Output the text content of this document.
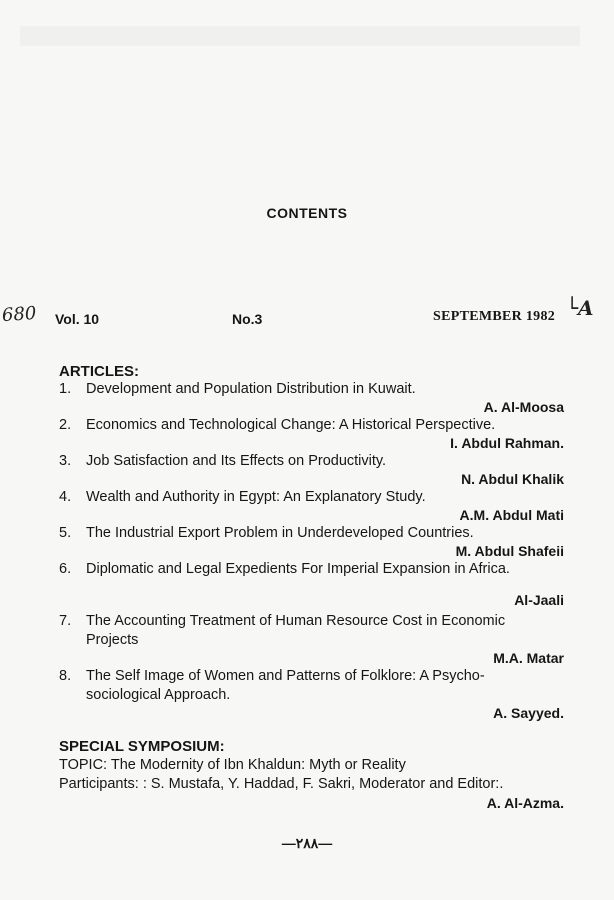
CONTENTS
680 Vol. 10	No.3	SEPTEMBER 1982 └A
ARTICLES:
1.	Development and Population Distribution in Kuwait.
A. Al-Moosa
2.	Economics and Technological Change: A Historical Perspective.
I. Abdul Rahman.
3.	Job Satisfaction and Its Effects on Productivity.
N. Abdul Khalik
4.	Wealth and Authority in Egypt: An Explanatory Study.
A.M. Abdul Mati
5.	The Industrial Export Problem in Underdeveloped Countries.
M. Abdul Shafeii
6.	Diplomatic and Legal Expedients For Imperial Expansion in Africa.
Al-Jaali
7.	The Accounting Treatment of Human Resource Cost in Economic Projects
M.A. Matar
8.	The Self Image of Women and Patterns of Folklore: A Psycho-sociological Approach.
A. Sayyed.
SPECIAL SYMPOSIUM:
TOPIC: The Modernity of Ibn Khaldun: Myth or Reality
Participants: : S. Mustafa, Y. Haddad, F. Sakri, Moderator and Editor:.
A. Al-Azma.
—٢٨٨—
